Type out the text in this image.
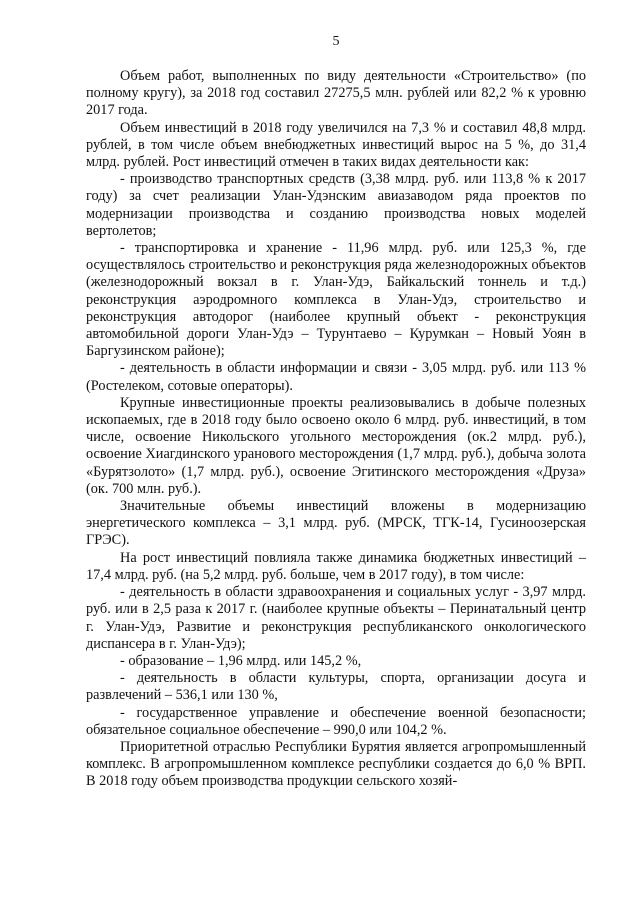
5

Объем работ, выполненных по виду деятельности «Строительство» (по полному кругу), за 2018 год составил 27275,5 млн. рублей или 82,2 % к уровню 2017 года.

Объем инвестиций в 2018 году увеличился на 7,3 % и составил 48,8 млрд. рублей, в том числе объем внебюджетных инвестиций вырос на 5 %, до 31,4 млрд. рублей. Рост инвестиций отмечен в таких видах деятельности как:

- производство транспортных средств (3,38 млрд. руб. или 113,8 % к 2017 году) за счет реализации Улан-Удэнским авиазаводом ряда проектов по модернизации производства и созданию производства новых моделей вертолетов;

- транспортировка и хранение - 11,96 млрд. руб. или 125,3 %, где осуществлялось строительство и реконструкция ряда железнодорожных объектов (железнодорожный вокзал в г. Улан-Удэ, Байкальский тоннель и т.д.) реконструкция аэродромного комплекса в Улан-Удэ, строительство и реконструкция автодорог (наиболее крупный объект - реконструкция автомобильной дороги Улан-Удэ – Турунтаево – Курумкан – Новый Уоян в Баргузинском районе);

- деятельность в области информации и связи - 3,05 млрд. руб. или 113 % (Ростелеком, сотовые операторы).

Крупные инвестиционные проекты реализовывались в добыче полезных ископаемых, где в 2018 году было освоено около 6 млрд. руб. инвестиций, в том числе, освоение Никольского угольного месторождения (ок.2 млрд. руб.), освоение Хиагдинского уранового месторождения (1,7 млрд. руб.), добыча золота «Бурятзолото» (1,7 млрд. руб.), освоение Эгитинского месторождения «Друза» (ок. 700 млн. руб.).

Значительные объемы инвестиций вложены в модернизацию энергетического комплекса – 3,1 млрд. руб. (МРСК, ТГК-14, Гусиноозерская ГРЭС).

На рост инвестиций повлияла также динамика бюджетных инвестиций – 17,4 млрд. руб. (на 5,2 млрд. руб. больше, чем в 2017 году), в том числе:

- деятельность в области здравоохранения и социальных услуг - 3,97 млрд. руб. или в 2,5 раза к 2017 г. (наиболее крупные объекты – Перинатальный центр г. Улан-Удэ, Развитие и реконструкция республиканского онкологического диспансера в г. Улан-Удэ);

- образование – 1,96 млрд. или 145,2 %,

- деятельность в области культуры, спорта, организации досуга и развлечений – 536,1 или 130 %,

- государственное управление и обеспечение военной безопасности; обязательное социальное обеспечение – 990,0 или 104,2 %.

Приоритетной отраслью Республики Бурятия является агропромышленный комплекс. В агропромышленном комплексе республики создается до 6,0 % ВРП. В 2018 году объем производства продукции сельского хозяй-
